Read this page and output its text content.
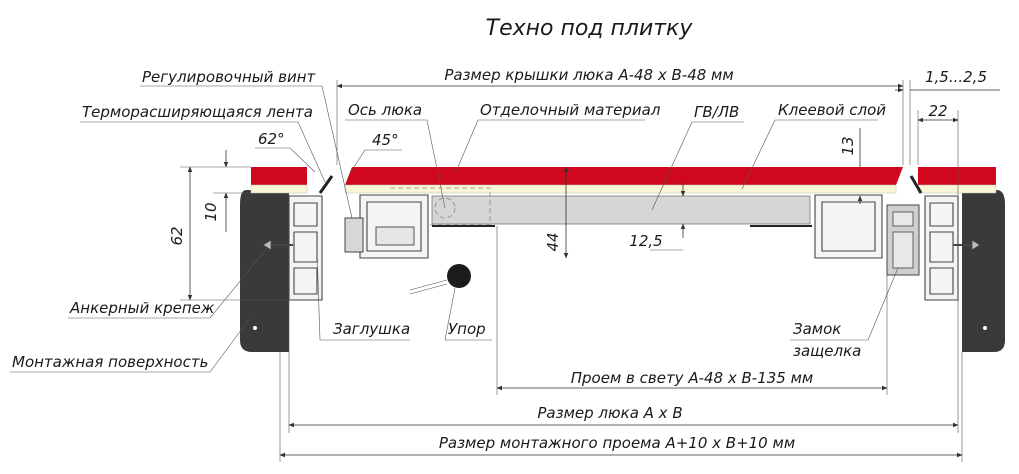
Техно под плитку
Размер крышки люка А-48 х В-48 мм	1,5...2,5
22
13
10
62	44	12,5
Проем в свету А-48 х В-135 мм
Размер люка А х В
Размер монтажного проема А+10 х В+10 мм
Регулировочный винт
Терморасширяющаяся лента
62°
Ось люка
45°
Отделочный материал ГВ/ЛВ	Клеевой слой
Анкерный крепеж
Монтажная поверхность
Заглушка	Упор	Замок
защелка
